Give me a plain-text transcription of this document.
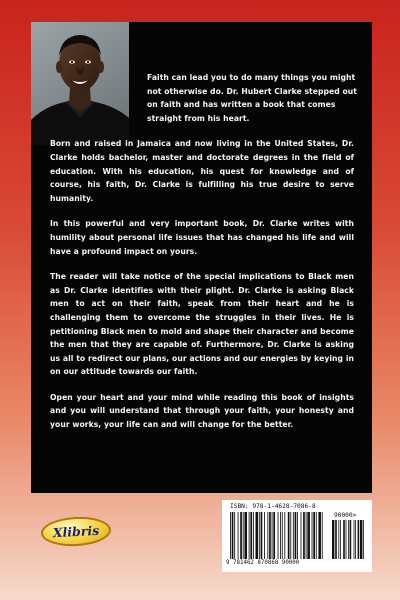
Faith can lead you to do many things you might not otherwise do. Dr. Hubert Clarke stepped out on faith and has written a book that comes straight from his heart.

Born and raised in Jamaica and now living in the United States, Dr. Clarke holds bachelor, master and doctorate degrees in the field of education. With his education, his quest for knowledge and of course, his faith, Dr. Clarke is fulfilling his true desire to serve humanity.

In this powerful and very important book, Dr. Clarke writes with humility about personal life issues that has changed his life and will have a profound impact on yours.

The reader will take notice of the special implications to Black men as Dr. Clarke identifies with their plight. Dr. Clarke is asking Black men to act on their faith, speak from their heart and he is challenging them to overcome the struggles in their lives. He is petitioning Black men to mold and shape their character and become the men that they are capable of. Furthermore, Dr. Clarke is asking us all to redirect our plans, our actions and our energies by keying in on our attitude towards our faith.

Open your heart and your mind while reading this book of insights and you will understand that through your faith, your honesty and your works, your life can and will change for the better.

Xlibris
ISBN: 978-1-4628-7086-8
90000>
9 781462 870868 90000
